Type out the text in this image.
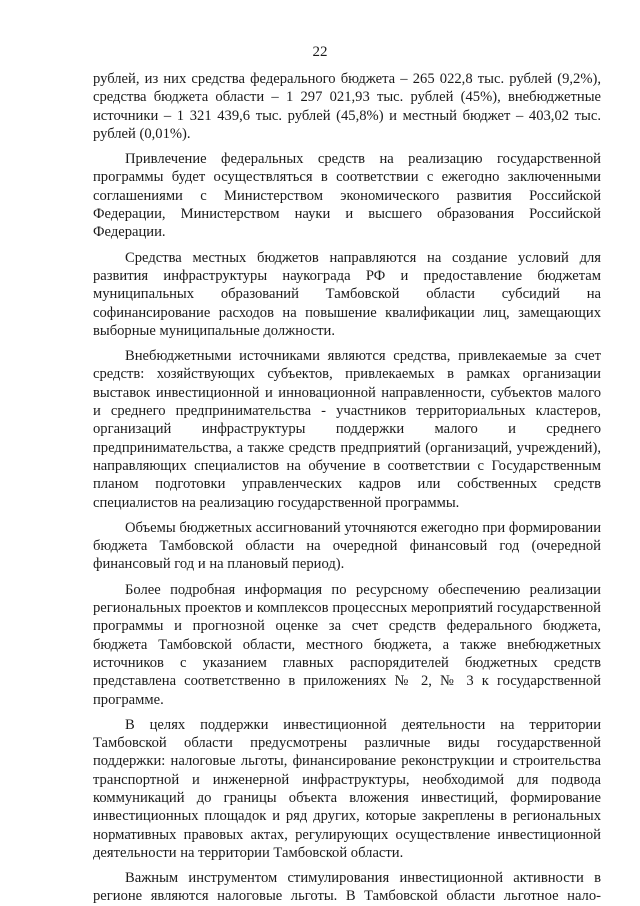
22

рублей, из них средства федерального бюджета – 265 022,8 тыс. рублей (9,2%), средства бюджета области – 1 297 021,93 тыс. рублей (45%), внебюджетные источники – 1 321 439,6 тыс. рублей (45,8%) и местный бюджет – 403,02 тыс. рублей (0,01%).

Привлечение федеральных средств на реализацию государственной программы будет осуществляться в соответствии с ежегодно заключенными соглашениями с Министерством экономического развития Российской Федерации, Министерством науки и высшего образования Российской Федерации.

Средства местных бюджетов направляются на создание условий для развития инфраструктуры наукограда РФ и предоставление бюджетам муниципальных образований Тамбовской области субсидий на софинансирование расходов на повышение квалификации лиц, замещающих выборные муниципальные должности.

Внебюджетными источниками являются средства, привлекаемые за счет средств: хозяйствующих субъектов, привлекаемых в рамках организации выставок инвестиционной и инновационной направленности, субъектов малого и среднего предпринимательства - участников территориальных кластеров, организаций инфраструктуры поддержки малого и среднего предпринимательства, а также средств предприятий (организаций, учреждений), направляющих специалистов на обучение в соответствии с Государственным планом подготовки управленческих кадров или собственных средств специалистов на реализацию государственной программы.

Объемы бюджетных ассигнований уточняются ежегодно при формировании бюджета Тамбовской области на очередной финансовый год (очередной финансовый год и на плановый период).

Более подробная информация по ресурсному обеспечению реализации региональных проектов и комплексов процессных мероприятий государственной программы и прогнозной оценке за счет средств федерального бюджета, бюджета Тамбовской области, местного бюджета, а также внебюджетных источников с указанием главных распорядителей бюджетных средств представлена соответственно в приложениях № 2, № 3 к государственной программе.

В целях поддержки инвестиционной деятельности на территории Тамбовской области предусмотрены различные виды государственной поддержки: налоговые льготы, финансирование реконструкции и строительства транспортной и инженерной инфраструктуры, необходимой для подвода коммуникаций до границы объекта вложения инвестиций, формирование инвестиционных площадок и ряд других, которые закреплены в региональных нормативных правовых актах, регулирующих осуществление инвестиционной деятельности на территории Тамбовской области.

Важным инструментом стимулирования инвестиционной активности в регионе являются налоговые льготы. В Тамбовской области льготное нало-
